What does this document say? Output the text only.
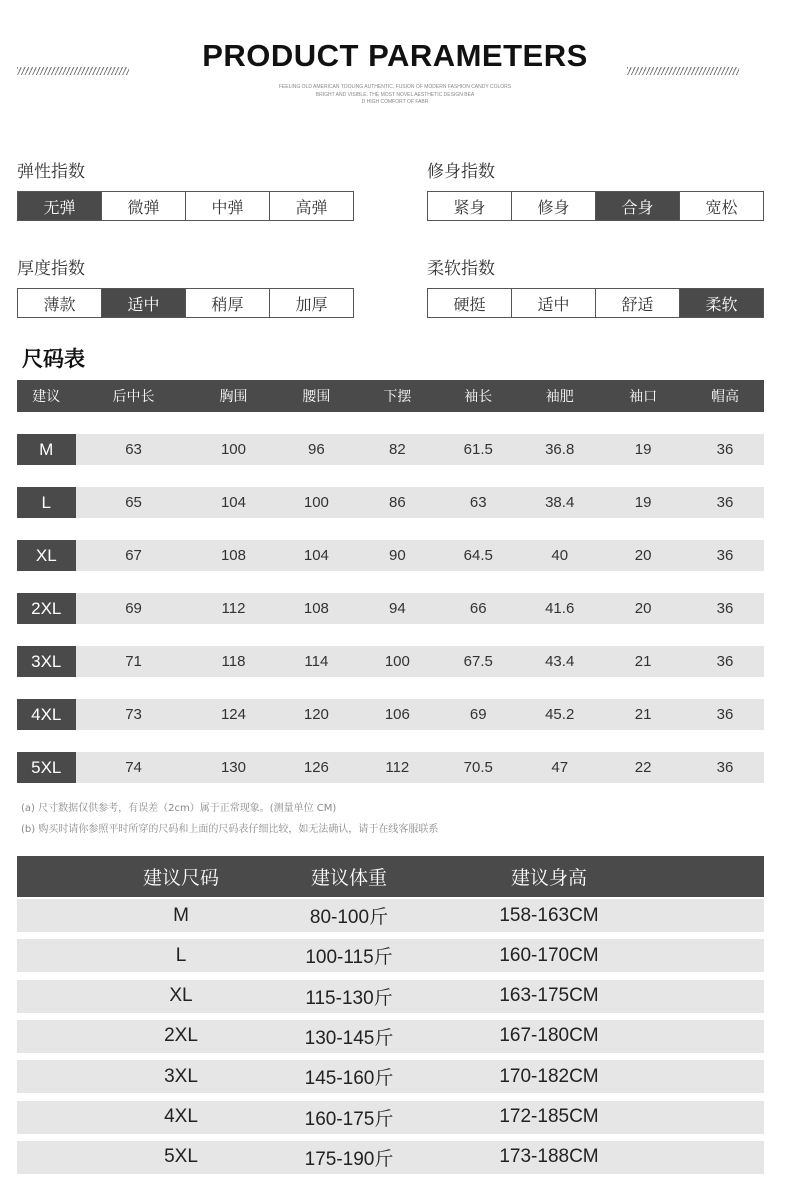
PRODUCT PARAMETERS
FEELING OLD AMERICAN TOOLING AUTHENTIC. FUSION OF MODERN FASHION CANDY COLORS
BRIGHT AND VISIBLE. THE MOST NOVEL AESTHETIC DESIGN BEA
D HIGH COMFORT OF FABR
弹性指数
无弹	微弹	中弹	高弹
修身指数
紧身	修身	合身	宽松
厚度指数
薄款	适中	稍厚	加厚
柔软指数
硬挺	适中	舒适	柔软
尺码表
建议	后中长	胸围	腰围	下摆	袖长	袖肥	袖口	帽高
M	63	100	96	82	61.5	36.8	19	36
L	65	104	100	86	63	38.4	19	36
XL	67	108	104	90	64.5	40	20	36
2XL	69	112	108	94	66	41.6	20	36
3XL	71	118	114	100	67.5	43.4	21	36
4XL	73	124	120	106	69	45.2	21	36
5XL	74	130	126	112	70.5	47	22	36
(a) 尺寸数据仅供参考，有误差（2cm）属于正常现象。(测量单位 CM)
(b) 购买时请你参照平时所穿的尺码和上面的尺码表仔细比较，如无法确认，请于在线客服联系
建议尺码	建议体重	建议身高
M	80-100斤	158-163CM
L	100-115斤	160-170CM
XL	115-130斤	163-175CM
2XL	130-145斤	167-180CM
3XL	145-160斤	170-182CM
4XL	160-175斤	172-185CM
5XL	175-190斤	173-188CM
